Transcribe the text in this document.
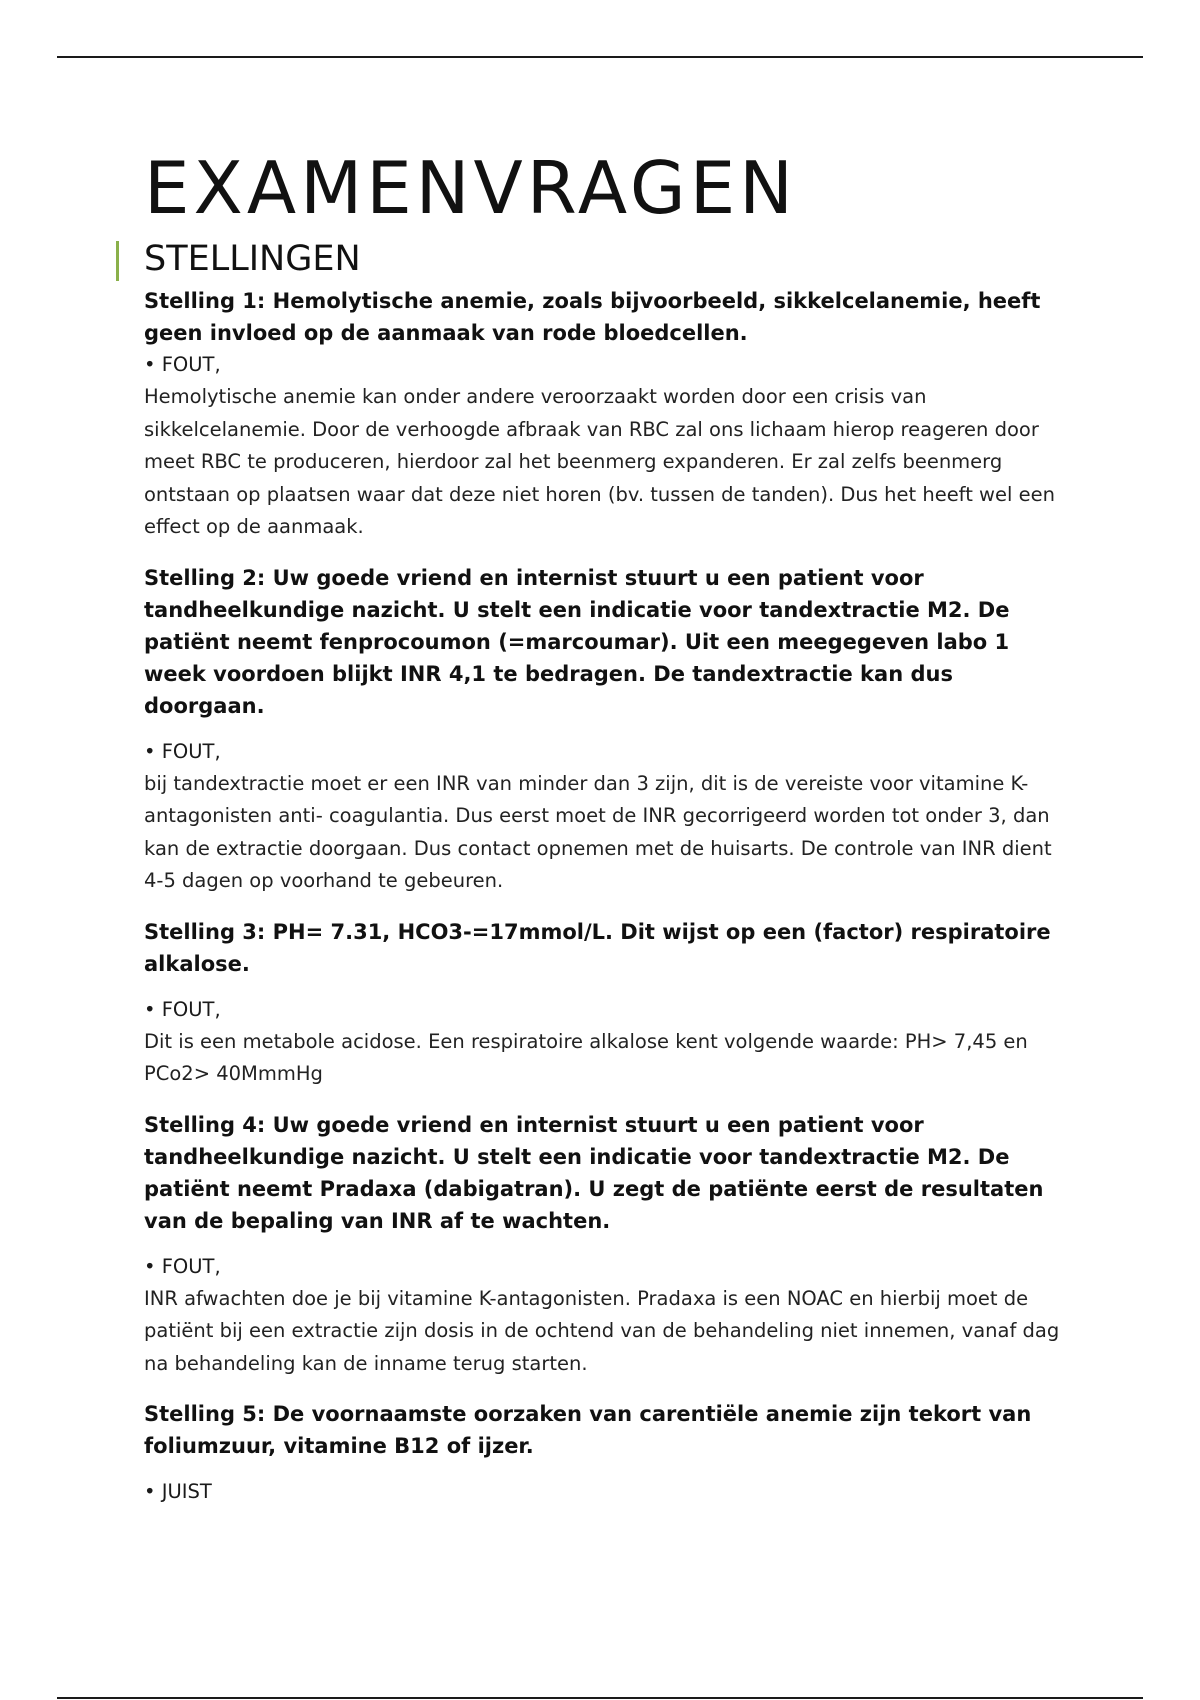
EXAMENVRAGEN
STELLINGEN

Stelling 1: Hemolytische anemie, zoals bijvoorbeeld, sikkelcelanemie, heeft geen invloed op de aanmaak van rode bloedcellen.

• FOUT,

Hemolytische anemie kan onder andere veroorzaakt worden door een crisis van sikkelcelanemie. Door de verhoogde afbraak van RBC zal ons lichaam hierop reageren door meet RBC te produceren, hierdoor zal het beenmerg expanderen. Er zal zelfs beenmerg ontstaan op plaatsen waar dat deze niet horen (bv. tussen de tanden). Dus het heeft wel een effect op de aanmaak.

Stelling 2: Uw goede vriend en internist stuurt u een patient voor tandheelkundige nazicht. U stelt een indicatie voor tandextractie M2. De patiënt neemt fenprocoumon (=marcoumar). Uit een meegegeven labo 1 week voordoen blijkt INR 4,1 te bedragen. De tandextractie kan dus doorgaan.

• FOUT,

bij tandextractie moet er een INR van minder dan 3 zijn, dit is de vereiste voor vitamine K-antagonisten anti- coagulantia. Dus eerst moet de INR gecorrigeerd worden tot onder 3, dan kan de extractie doorgaan. Dus contact opnemen met de huisarts. De controle van INR dient 4-5 dagen op voorhand te gebeuren.

Stelling 3: PH= 7.31, HCO3-=17mmol/L. Dit wijst op een (factor) respiratoire alkalose.

• FOUT,

Dit is een metabole acidose. Een respiratoire alkalose kent volgende waarde: PH> 7,45 en PCo2> 40MmmHg

Stelling 4: Uw goede vriend en internist stuurt u een patient voor tandheelkundige nazicht. U stelt een indicatie voor tandextractie M2. De patiënt neemt Pradaxa (dabigatran). U zegt de patiënte eerst de resultaten van de bepaling van INR af te wachten.

• FOUT,

INR afwachten doe je bij vitamine K-antagonisten. Pradaxa is een NOAC en hierbij moet de patiënt bij een extractie zijn dosis in de ochtend van de behandeling niet innemen, vanaf dag na behandeling kan de inname terug starten.

Stelling 5: De voornaamste oorzaken van carentiële anemie zijn tekort van foliumzuur, vitamine B12 of ijzer.

• JUIST
